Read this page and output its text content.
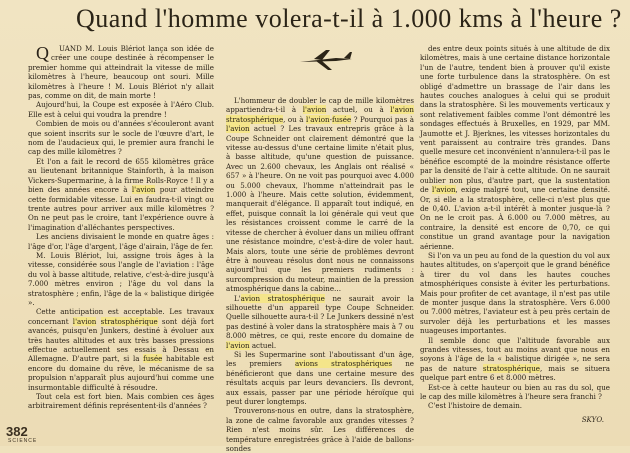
Quand l'homme volera-t-il à 1.000 kms à l'heure ?

Q UAND M. Louis Blériot lança son idée de créer une coupe destinée à récompenser le premier homme qui atteindrait la vitesse de mille kilomètres à l'heure, beaucoup ont souri. Mille kilomètres à l'heure ! M. Louis Blériot n'y allait pas, comme on dit, de main morte !

Aujourd'hui, la Coupe est exposée à l'Aéro Club. Elle est à celui qui voudra la prendre !

Combien de mois ou d'années s'écouleront avant que soient inscrits sur le socle de l'œuvre d'art, le nom de l'audacieux qui, le premier aura franchi le cap des mille kilomètres ?

Et l'on a fait le record de 655 kilomètres grâce au lieutenant britannique Stainforth, à la maison Vickers-Supermarine, à la firme Rolls-Royce ! Il y a bien des années encore à l'avion pour atteindre cette formidable vitesse. Lui en faudra-t-il vingt ou trente autres pour arriver aux mille kilomètres ? On ne peut pas le croire, tant l'expérience ouvre à l'imagination d'alléchantes perspectives.

Les anciens divisaient le monde en quatre âges : l'âge d'or, l'âge d'argent, l'âge d'airain, l'âge de fer.

M. Louis Blériot, lui, assigne trois âges à la vitesse, considérée sous l'angle de l'aviation : l'âge du vol à basse altitude, relative, c'est-à-dire jusqu'à 7.000 mètres environ ; l'âge du vol dans la stratosphère ; enfin, l'âge de la « balistique dirigée ».

Cette anticipation est acceptable. Les travaux concernant l'avion stratosphérique sont déjà fort avancés, puisqu'en Junkers, destiné à évoluer aux très hautes altitudes et aux très basses pressions effectue actuellement ses essais à Dessau en Allemagne. D'autre part, si la fusée habitable est encore du domaine du rêve, le mécanisme de sa propulsion n'apparaît plus aujourd'hui comme une insurmontable difficulté à résoudre.

Tout cela est fort bien. Mais combien ces âges arbitrairement définis représentent-ils d'années ?

L'hommeur de doubler le cap de mille kilomètres appartiendra-t-il à l'avion actuel, ou à l'avion stratosphérique, ou à l'avion-fusée ? Pourquoi pas à l'avion actuel ? Les travaux entrepris grâce à la Coupe Schneider ont clairement démontré que la vitesse au-dessus d'une certaine limite n'était plus, à basse altitude, qu'une question de puissance. Avec un 2.600 chevaux, les Anglais ont réalisé « 657 » à l'heure. On ne voit pas pourquoi avec 4.000 ou 5.000 chevaux, l'homme n'atteindrait pas le 1.000 à l'heure. Mais cette solution, évidemment, manquerait d'élégance. Il apparaît tout indiqué, en effet, puisque connaît la loi générale qui veut que les résistances croissent comme le carré de la vitesse de chercher à évoluer dans un milieu offrant une résistance moindre, c'est-à-dire de voler haut. Mais alors, toute une série de problèmes devront être à nouveau résolus dont nous ne connaissons aujourd'hui que les premiers rudiments : surcompression du moteur, maintien de la pression atmosphérique dans la cabine…

L'avion stratosphérique ne saurait avoir la silhouette d'un appareil type Coupe Schneider. Quelle silhouette aura-t-il ? Le Junkers dessiné n'est pas destiné à voler dans la stratosphère mais à 7 ou 8.000 mètres, ce qui, reste encore du domaine de l'avion actuel.

Si les Supermarine sont l'aboutissant d'un âge, les premiers avions stratosphériques ne bénéficieront que dans une certaine mesure des résultats acquis par leurs devanciers. Ils devront, aux essais, passer par une période héroïque qui peut durer longtemps.

Trouverons-nous en outre, dans la stratosphère, la zone de calme favorable aux grandes vitesses ? Rien n'est moins sûr. Les différences de température enregistrées grâce à l'aide de ballons-sondes

des entre deux points situés à une altitude de dix kilomètres, mais à une certaine distance horizontale l'un de l'autre, tendent bien à prouver qu'il existe une forte turbulence dans la stratosphère. On est obligé d'admettre un brassage de l'air dans les hautes couches analogues à celui qui se produit dans la stratosphère. Si les mouvements verticaux y sont relativement faibles comme l'ont démontré les sondages effectués à Bruxelles, en 1929, par MM. Jaumotte et J. Bjerknes, les vitesses horizontales du vent paraissent au contraire très grandes. Dans quelle mesure cet inconvénient n'annulera-t-il pas le bénéfice escompté de la moindre résistance offerte par la densité de l'air à cette altitude. On ne saurait oublier non plus, d'autre part, que la sustentation de l'avion, exige malgré tout, une certaine densité. Or, si elle a la stratosphère, celle-ci n'est plus que de 0,40. L'avion a-t-il intérêt à monter jusque-là ? On ne le croit pas. À 6.000 ou 7.000 mètres, au contraire, la densité est encore de 0,70, ce qui constitue un grand avantage pour la navigation aérienne.

Si l'on va un peu au fond de la question du vol aux hautes altitudes, on s'aperçoit que le grand bénéfice à tirer du vol dans les hautes couches atmosphériques consiste à éviter les perturbations. Mais pour profiter de cet avantage, il n'est pas utile de monter jusque dans la stratosphère. Vers 6.000 ou 7.000 mètres, l'aviateur est à peu près certain de survoler déjà les perturbations et les masses nuageuses importantes.

Il semble donc que l'altitude favorable aux grandes vitesses, tout au moins avant que nous en soyons à l'âge de la « balistique dirigée », ne sera pas de nature stratosphérique, mais se situera quelque part entre 6 et 8.000 mètres.

Est-ce à cette hauteur ou bien au ras du sol, que le cap des mille kilomètres à l'heure sera franchi ?

C'est l'histoire de demain.

SKYO.
382
SCIENCE
